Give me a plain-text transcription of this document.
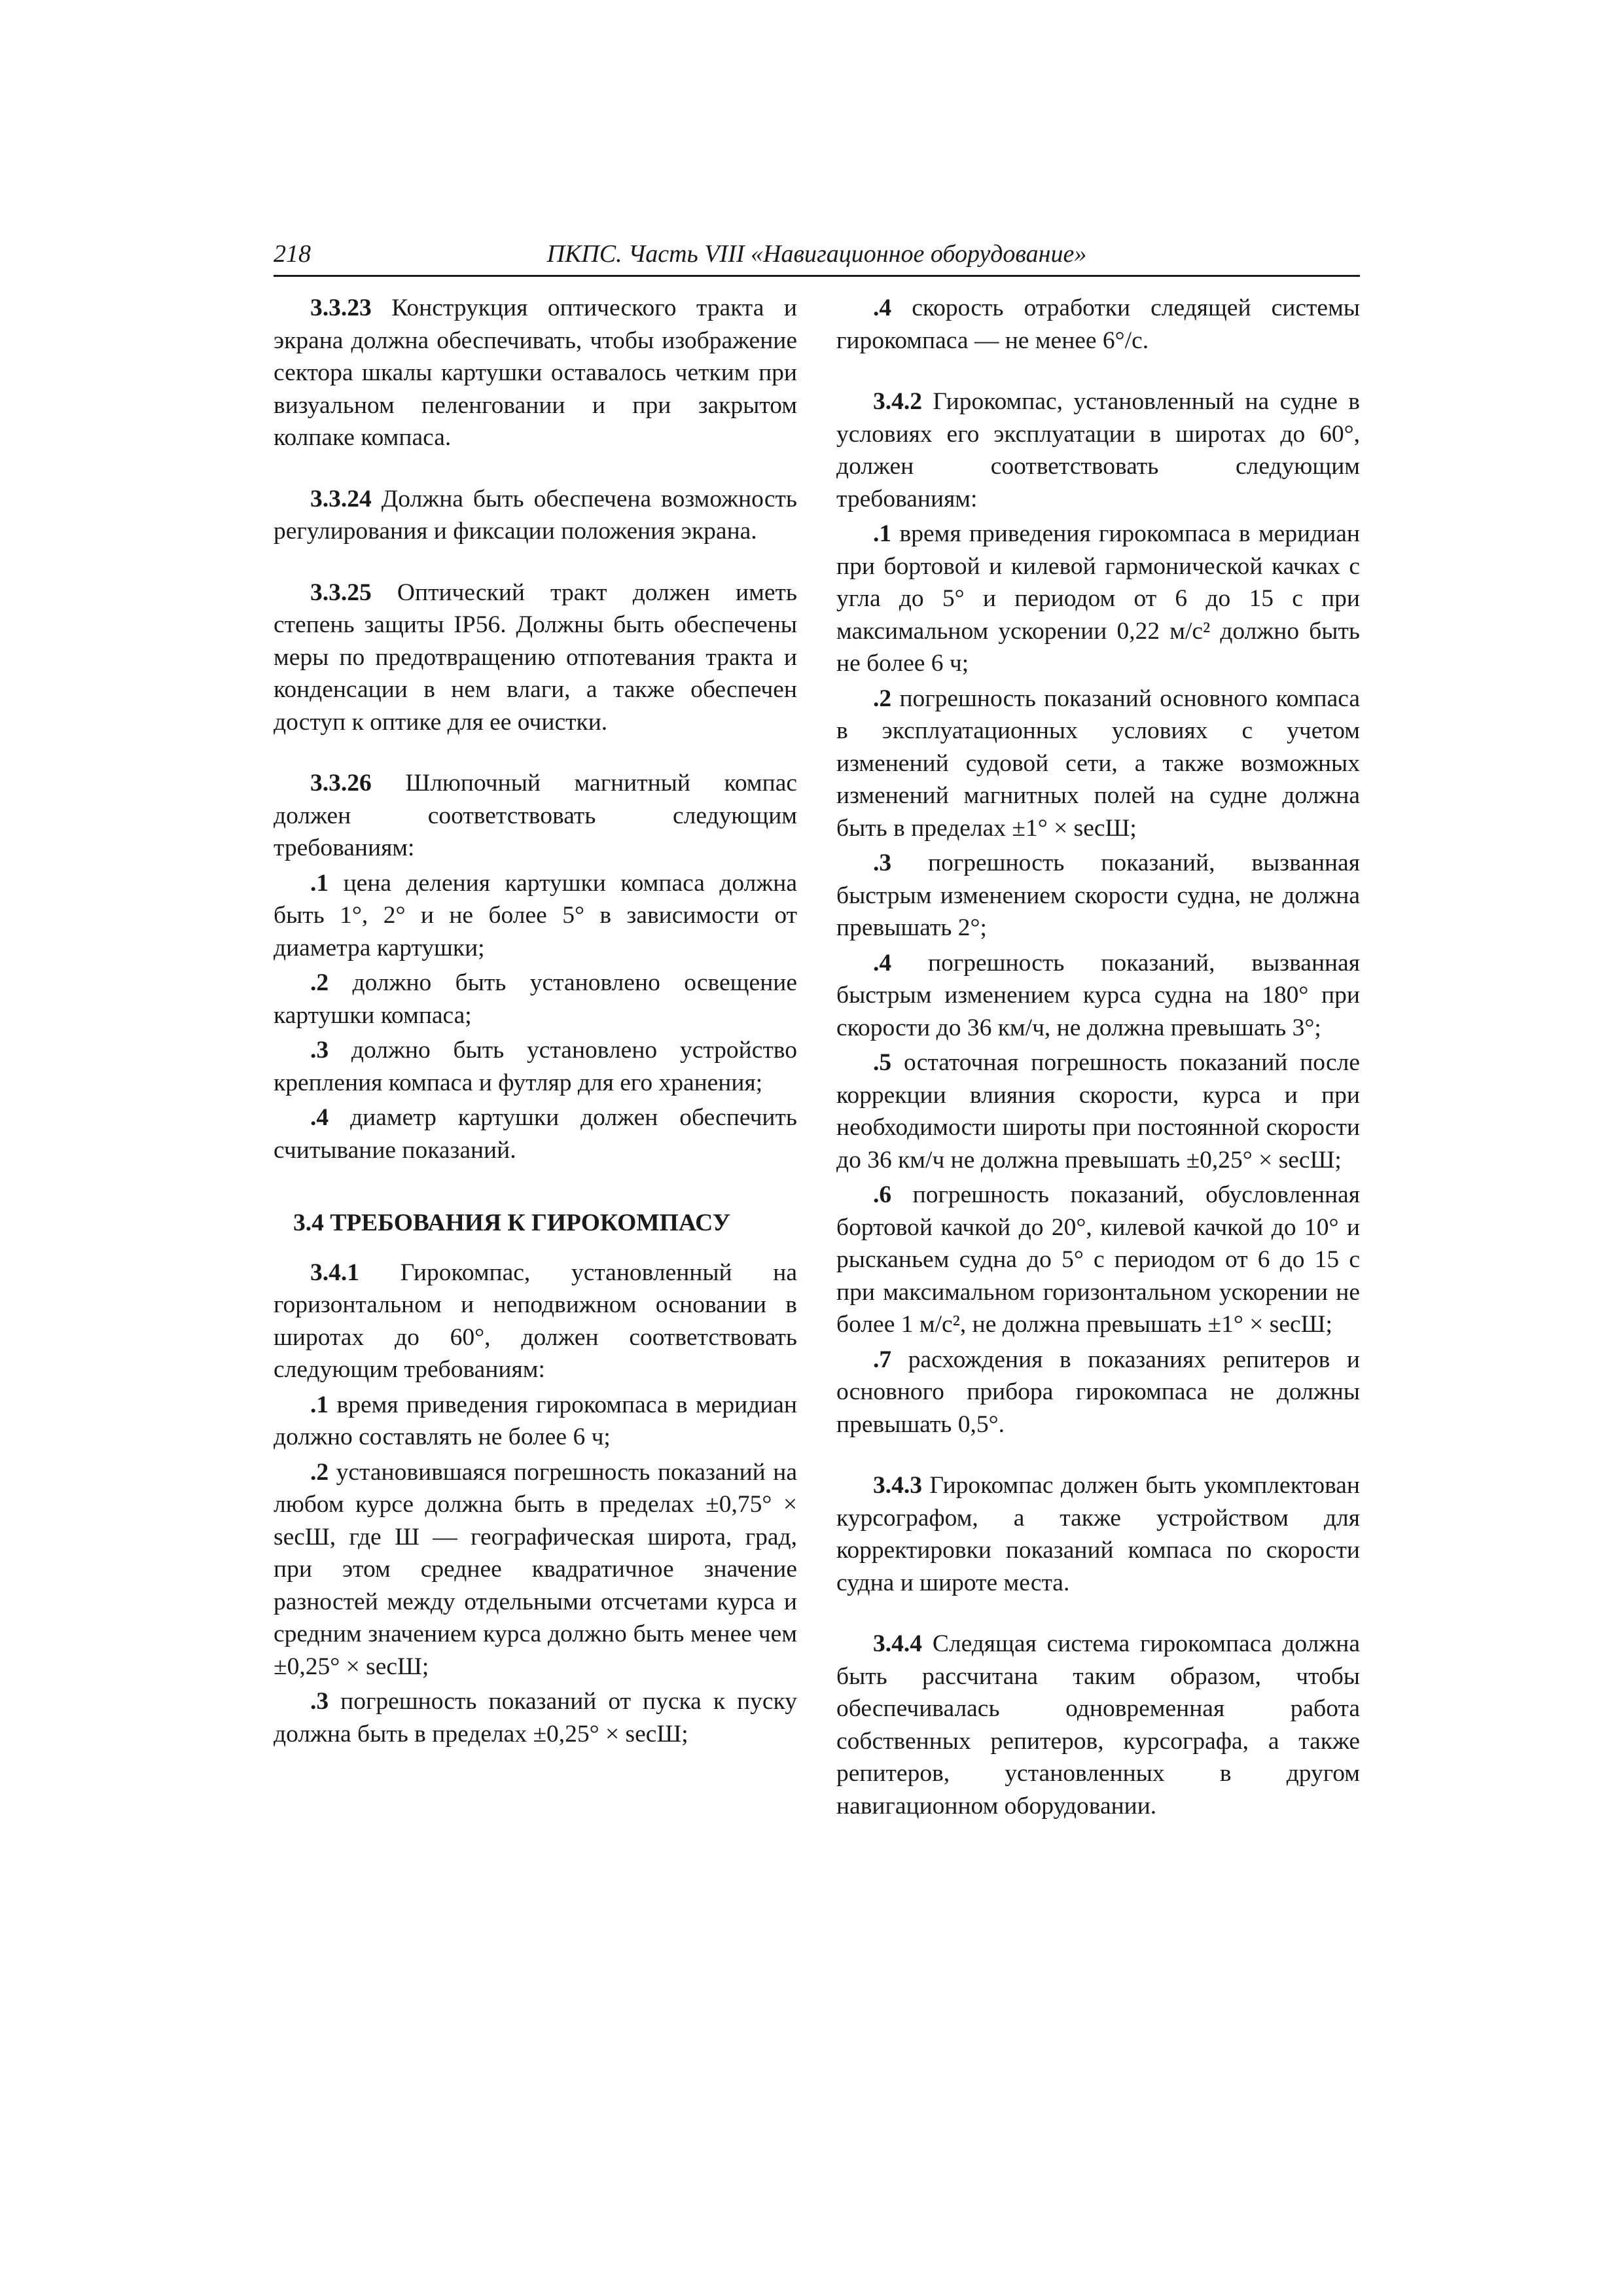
218	ПКПС. Часть VIII «Навигационное оборудование»

3.3.23 Конструкция оптического тракта и экрана должна обеспечивать, чтобы изображение сектора шкалы картушки оставалось четким при визуальном пеленговании и при закрытом колпаке компаса.

3.3.24 Должна быть обеспечена возможность регулирования и фиксации положения экрана.

3.3.25 Оптический тракт должен иметь степень защиты IP56. Должны быть обеспечены меры по предотвращению отпотевания тракта и конденсации в нем влаги, а также обеспечен доступ к оптике для ее очистки.

3.3.26 Шлюпочный магнитный компас должен соответствовать следующим требованиям:

.1 цена деления картушки компаса должна быть 1°, 2° и не более 5° в зависимости от диаметра картушки;

.2 должно быть установлено освещение картушки компаса;

.3 должно быть установлено устройство крепления компаса и футляр для его хранения;

.4 диаметр картушки должен обеспечить считывание показаний.

3.4 ТРЕБОВАНИЯ К ГИРОКОМПАСУ

3.4.1 Гирокомпас, установленный на горизонтальном и неподвижном основании в широтах до 60°, должен соответствовать следующим требованиям:

.1 время приведения гирокомпаса в меридиан должно составлять не более 6 ч;

.2 установившаяся погрешность показаний на любом курсе должна быть в пределах ±0,75° × secШ, где Ш — географическая широта, град, при этом среднее квадратичное значение разностей между отдельными отсчетами курса и средним значением курса должно быть менее чем ±0,25° × secШ;

.3 погрешность показаний от пуска к пуску должна быть в пределах ±0,25° × secШ;

.4 скорость отработки следящей системы гирокомпаса — не менее 6°/с.

3.4.2 Гирокомпас, установленный на судне в условиях его эксплуатации в широтах до 60°, должен соответствовать следующим требованиям:

.1 время приведения гирокомпаса в меридиан при бортовой и килевой гармонической качках с угла до 5° и периодом от 6 до 15 с при максимальном ускорении 0,22 м/с² должно быть не более 6 ч;

.2 погрешность показаний основного компаса в эксплуатационных условиях с учетом изменений судовой сети, а также возможных изменений магнитных полей на судне должна быть в пределах ±1° × secШ;

.3 погрешность показаний, вызванная быстрым изменением скорости судна, не должна превышать 2°;

.4 погрешность показаний, вызванная быстрым изменением курса судна на 180° при скорости до 36 км/ч, не должна превышать 3°;

.5 остаточная погрешность показаний после коррекции влияния скорости, курса и при необходимости широты при постоянной скорости до 36 км/ч не должна превышать ±0,25° × secШ;

.6 погрешность показаний, обусловленная бортовой качкой до 20°, килевой качкой до 10° и рысканьем судна до 5° с периодом от 6 до 15 с при максимальном горизонтальном ускорении не более 1 м/с², не должна превышать ±1° × secШ;

.7 расхождения в показаниях репитеров и основного прибора гирокомпаса не должны превышать 0,5°.

3.4.3 Гирокомпас должен быть укомплектован курсографом, а также устройством для корректировки показаний компаса по скорости судна и широте места.

3.4.4 Следящая система гирокомпаса должна быть рассчитана таким образом, чтобы обеспечивалась одновременная работа собственных репитеров, курсографа, а также репитеров, установленных в другом навигационном оборудовании.
